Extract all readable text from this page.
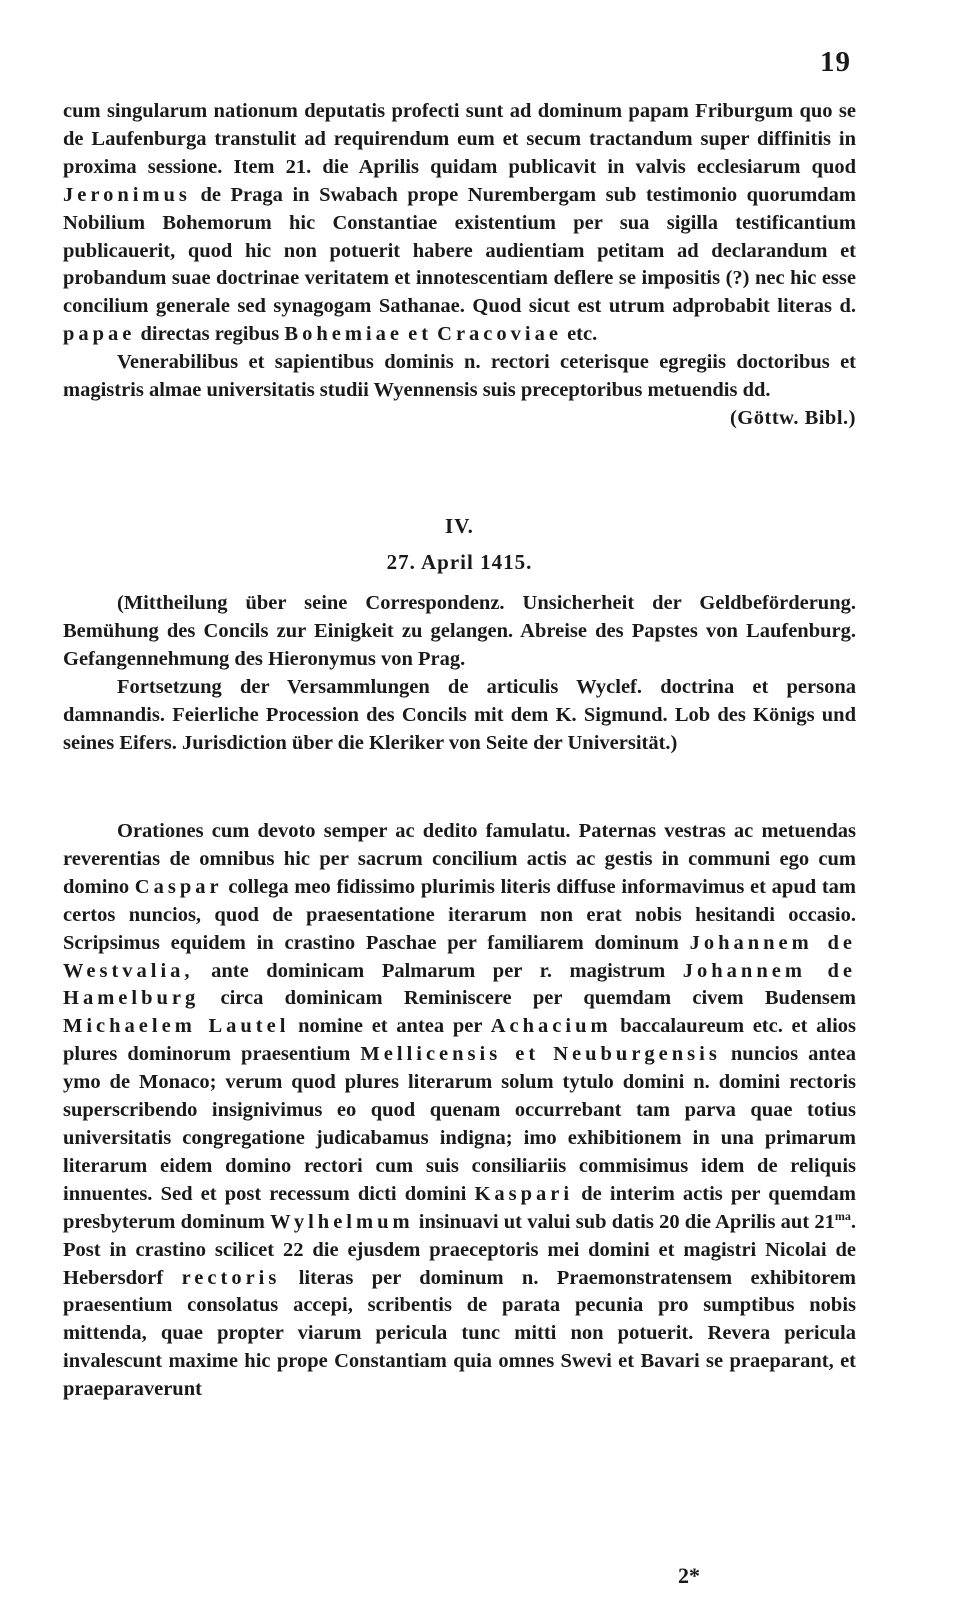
19

cum singularum nationum deputatis profecti sunt ad dominum papam Friburgum quo se de Laufenburga transtulit ad requirendum eum et secum tractandum super diffinitis in proxima sessione. Item 21. die Aprilis quidam publicavit in valvis ecclesiarum quod Jeronimus de Praga in Swabach prope Nurembergam sub testimonio quorumdam Nobilium Bohemorum hic Constantiae existentium per sua sigilla testificantium publicauerit, quod hic non potuerit habere audientiam petitam ad declarandum et probandum suae doctrinae veritatem et innotescentiam deflere se impositis (?) nec hic esse concilium generale sed synagogam Sathanae. Quod sicut est utrum adprobabit literas d. papae directas regibus Bohemiae et Cracoviae etc.

Venerabilibus et sapientibus dominis n. rectori ceterisque egregiis doctoribus et magistris almae universitatis studii Wyennensis suis preceptoribus metuendis dd.
(Göttw. Bibl.)

IV.
27. April 1415.

(Mittheilung über seine Correspondenz. Unsicherheit der Geldbeförderung. Bemühung des Concils zur Einigkeit zu gelangen. Abreise des Papstes von Laufenburg. Gefangennehmung des Hieronymus von Prag.

Fortsetzung der Versammlungen de articulis Wyclef. doctrina et persona damnandis. Feierliche Procession des Concils mit dem K. Sigmund. Lob des Königs und seines Eifers. Jurisdiction über die Kleriker von Seite der Universität.)

Orationes cum devoto semper ac dedito famulatu. Paternas vestras ac metuendas reverentias de omnibus hic per sacrum concilium actis ac gestis in communi ego cum domino Caspar collega meo fidissimo plurimis literis diffuse informavimus et apud tam certos nuncios, quod de praesentatione iterarum non erat nobis hesitandi occasio. Scripsimus equidem in crastino Paschae per familiarem dominum Johannem de Westvalia, ante dominicam Palmarum per r. magistrum Johannem de Hamelburg circa dominicam Reminiscere per quemdam civem Budensem Michaelem Lautel nomine et antea per Achacium baccalaureum etc. et alios plures dominorum praesentium Mellicensis et Neuburgensis nuncios antea ymo de Monaco; verum quod plures literarum solum tytulo domini n. domini rectoris superscribendo insignivimus eo quod quenam occurrebant tam parva quae totius universitatis congregatione judicabamus indigna; imo exhibitionem in una primarum literarum eidem domino rectori cum suis consiliariis commisimus idem de reliquis innuentes. Sed et post recessum dicti domini Kaspari de interim actis per quemdam presbyterum dominum Wylhelmum insinuavi ut valui sub datis 20 die Aprilis aut $21^{ma}$. Post in crastino scilicet 22 die ejusdem praeceptoris mei domini et magistri Nicolai de Hebersdorf rectoris literas per dominum n. Praemonstratensem exhibitorem praesentium consolatus accepi, scribentis de parata pecunia pro sumptibus nobis mittenda, quae propter viarum pericula tunc mitti non potuerit. Revera pericula invalescunt maxime hic prope Constantiam quia omnes Swevi et Bavari se praeparant, et praeparaverunt

2*
